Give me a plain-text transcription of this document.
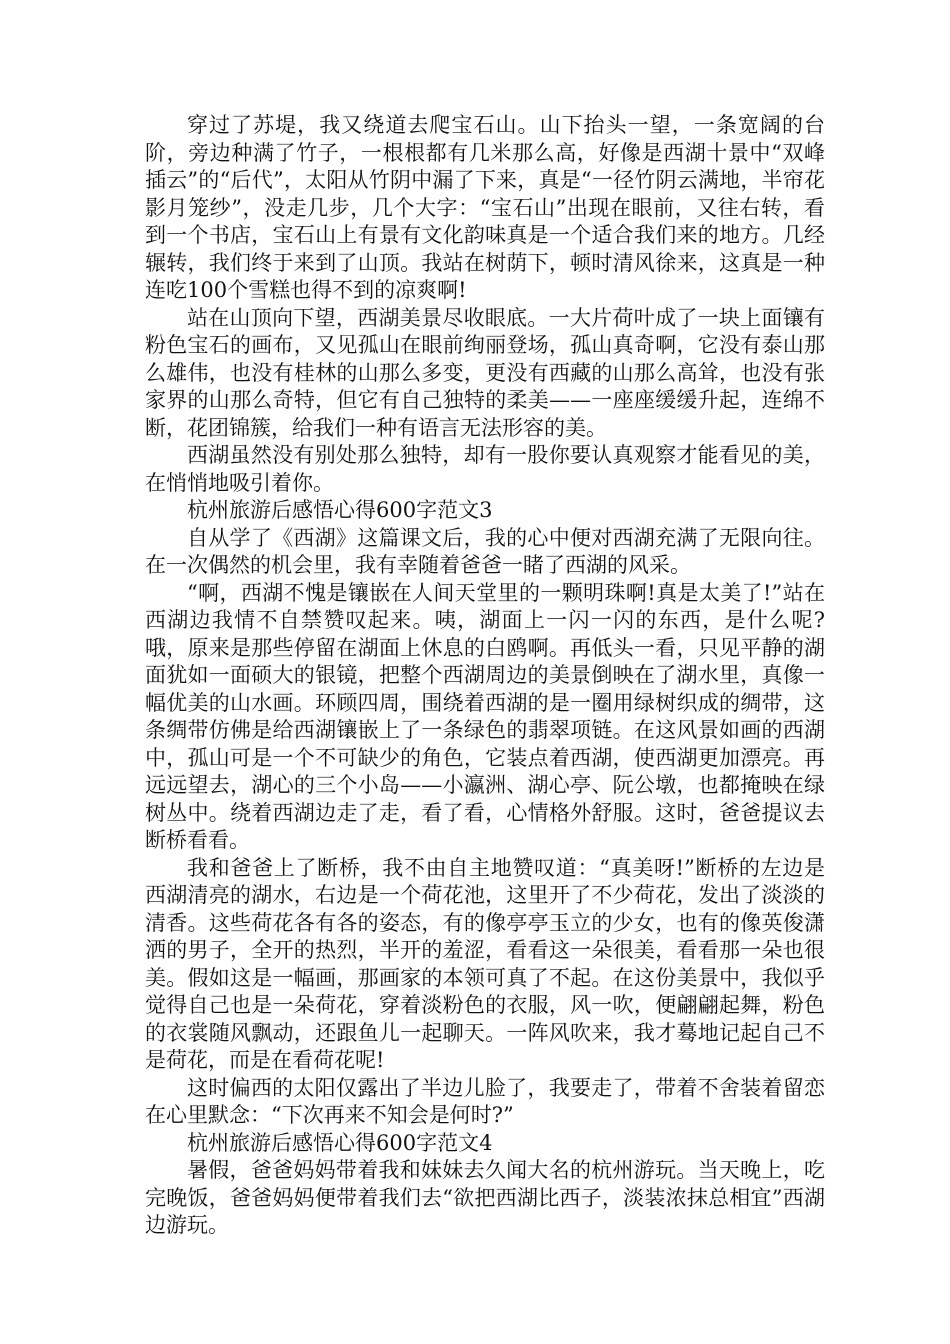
穿过了苏堤，我又绕道去爬宝石山。山下抬头一望，一条宽阔的台阶，旁边种满了竹子，一根根都有几米那么高，好像是西湖十景中“双峰插云”的“后代”，太阳从竹阴中漏了下来，真是“一径竹阴云满地，半帘花影月笼纱”，没走几步，几个大字：“宝石山”出现在眼前，又往右转，看到一个书店，宝石山上有景有文化韵味真是一个适合我们来的地方。几经辗转，我们终于来到了山顶。我站在树荫下，顿时清风徐来，这真是一种连吃100个雪糕也得不到的凉爽啊!

站在山顶向下望，西湖美景尽收眼底。一大片荷叶成了一块上面镶有粉色宝石的画布，又见孤山在眼前绚丽登场，孤山真奇啊，它没有泰山那么雄伟，也没有桂林的山那么多变，更没有西藏的山那么高耸，也没有张家界的山那么奇特，但它有自己独特的柔美——一座座缓缓升起，连绵不断，花团锦簇，给我们一种有语言无法形容的美。

西湖虽然没有别处那么独特，却有一股你要认真观察才能看见的美，在悄悄地吸引着你。

杭州旅游后感悟心得600字范文3

自从学了《西湖》这篇课文后，我的心中便对西湖充满了无限向往。在一次偶然的机会里，我有幸随着爸爸一睹了西湖的风采。

“啊，西湖不愧是镶嵌在人间天堂里的一颗明珠啊!真是太美了!”站在西湖边我情不自禁赞叹起来。咦，湖面上一闪一闪的东西，是什么呢?哦，原来是那些停留在湖面上休息的白鸥啊。再低头一看，只见平静的湖面犹如一面硕大的银镜，把整个西湖周边的美景倒映在了湖水里，真像一幅优美的山水画。环顾四周，围绕着西湖的是一圈用绿树织成的绸带，这条绸带仿佛是给西湖镶嵌上了一条绿色的翡翠项链。在这风景如画的西湖中，孤山可是一个不可缺少的角色，它装点着西湖，使西湖更加漂亮。再远远望去，湖心的三个小岛——小瀛洲、湖心亭、阮公墩，也都掩映在绿树丛中。绕着西湖边走了走，看了看，心情格外舒服。这时，爸爸提议去断桥看看。

我和爸爸上了断桥，我不由自主地赞叹道：“真美呀!”断桥的左边是西湖清亮的湖水，右边是一个荷花池，这里开了不少荷花，发出了淡淡的清香。这些荷花各有各的姿态，有的像亭亭玉立的少女，也有的像英俊潇洒的男子，全开的热烈，半开的羞涩，看看这一朵很美，看看那一朵也很美。假如这是一幅画，那画家的本领可真了不起。在这份美景中，我似乎觉得自己也是一朵荷花，穿着淡粉色的衣服，风一吹，便翩翩起舞，粉色的衣裳随风飘动，还跟鱼儿一起聊天。一阵风吹来，我才蓦地记起自己不是荷花，而是在看荷花呢!

这时偏西的太阳仅露出了半边儿脸了，我要走了，带着不舍装着留恋在心里默念：“下次再来不知会是何时?”

杭州旅游后感悟心得600字范文4

暑假，爸爸妈妈带着我和妹妹去久闻大名的杭州游玩。当天晚上，吃完晚饭，爸爸妈妈便带着我们去“欲把西湖比西子，淡装浓抹总相宜”西湖边游玩。
